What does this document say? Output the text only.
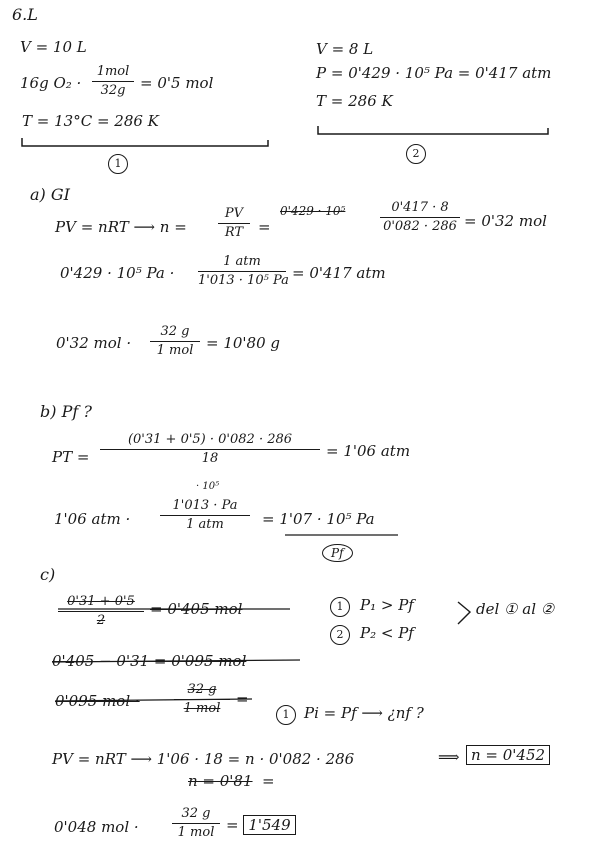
6.L
V = 10 L
16g O₂ ·
1mol
32g = 0'5 mol
T = 13°C = 286 K
1
V = 8 L
P = 0'429 · 10⁵ Pa = 0'417 atm
T = 286 K
2
a) GI
PV = nRT ⟶ n =
PV
RT =
0'429 · 10⁵	0'417 · 8
0'082 · 286 = 0'32 mol
0'429 · 10⁵ Pa ·
1 atm
1'013 · 10⁵ Pa = 0'417 atm
0'32 mol ·
32 g
1 mol = 10'80 g
b) Pf ?
PT =
(0'31 + 0'5) · 0'082 · 286
18	= 1'06 atm
· 10⁵
1'06 atm ·
1'013 · Pa
1 atm	= 1'07 · 10⁵ Pa
Pf
c)
0'31 + 0'5
2
= 0'405 mol	1	P₁ > Pf	del ① al ②
2	P₂ < Pf
0'405 − 0'31 = 0'095 mol
0'095 mol ·
32 g
1 mol
=
1 Pi = Pf ⟶ ¿nf ?
PV = nRT ⟶ 1'06 · 18 = n · 0'082 · 286	⟹ n = 0'452
n = 0'81 =
0'048 mol ·
32 g
1 mol = 1'549
